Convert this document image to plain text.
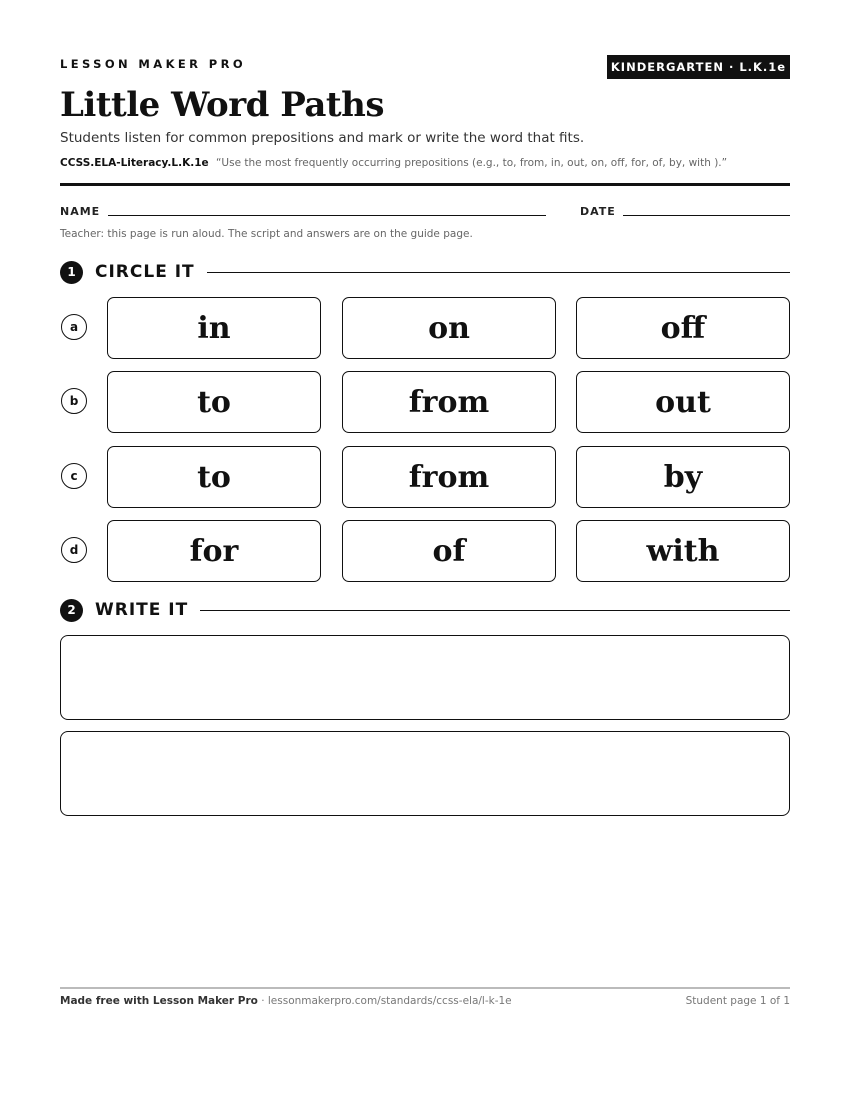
LESSON MAKER PRO	KINDERGARTEN · L.K.1e
Little Word Paths
Students listen for common prepositions and mark or write the word that fits.
CCSS.ELA-Literacy.L.K.1e “Use the most frequently occurring prepositions (e.g., to, from, in, out, on, off, for, of, by, with ).”
NAME	DATE
Teacher: this page is run aloud. The script and answers are on the guide page.
1	CIRCLE IT
a	in	on	off
b	to	from	out
c	to	from	by
d	for	of	with
2	WRITE IT
Made free with Lesson Maker Pro · lessonmakerpro.com/standards/ccss-ela/l-k-1e	Student page 1 of 1
